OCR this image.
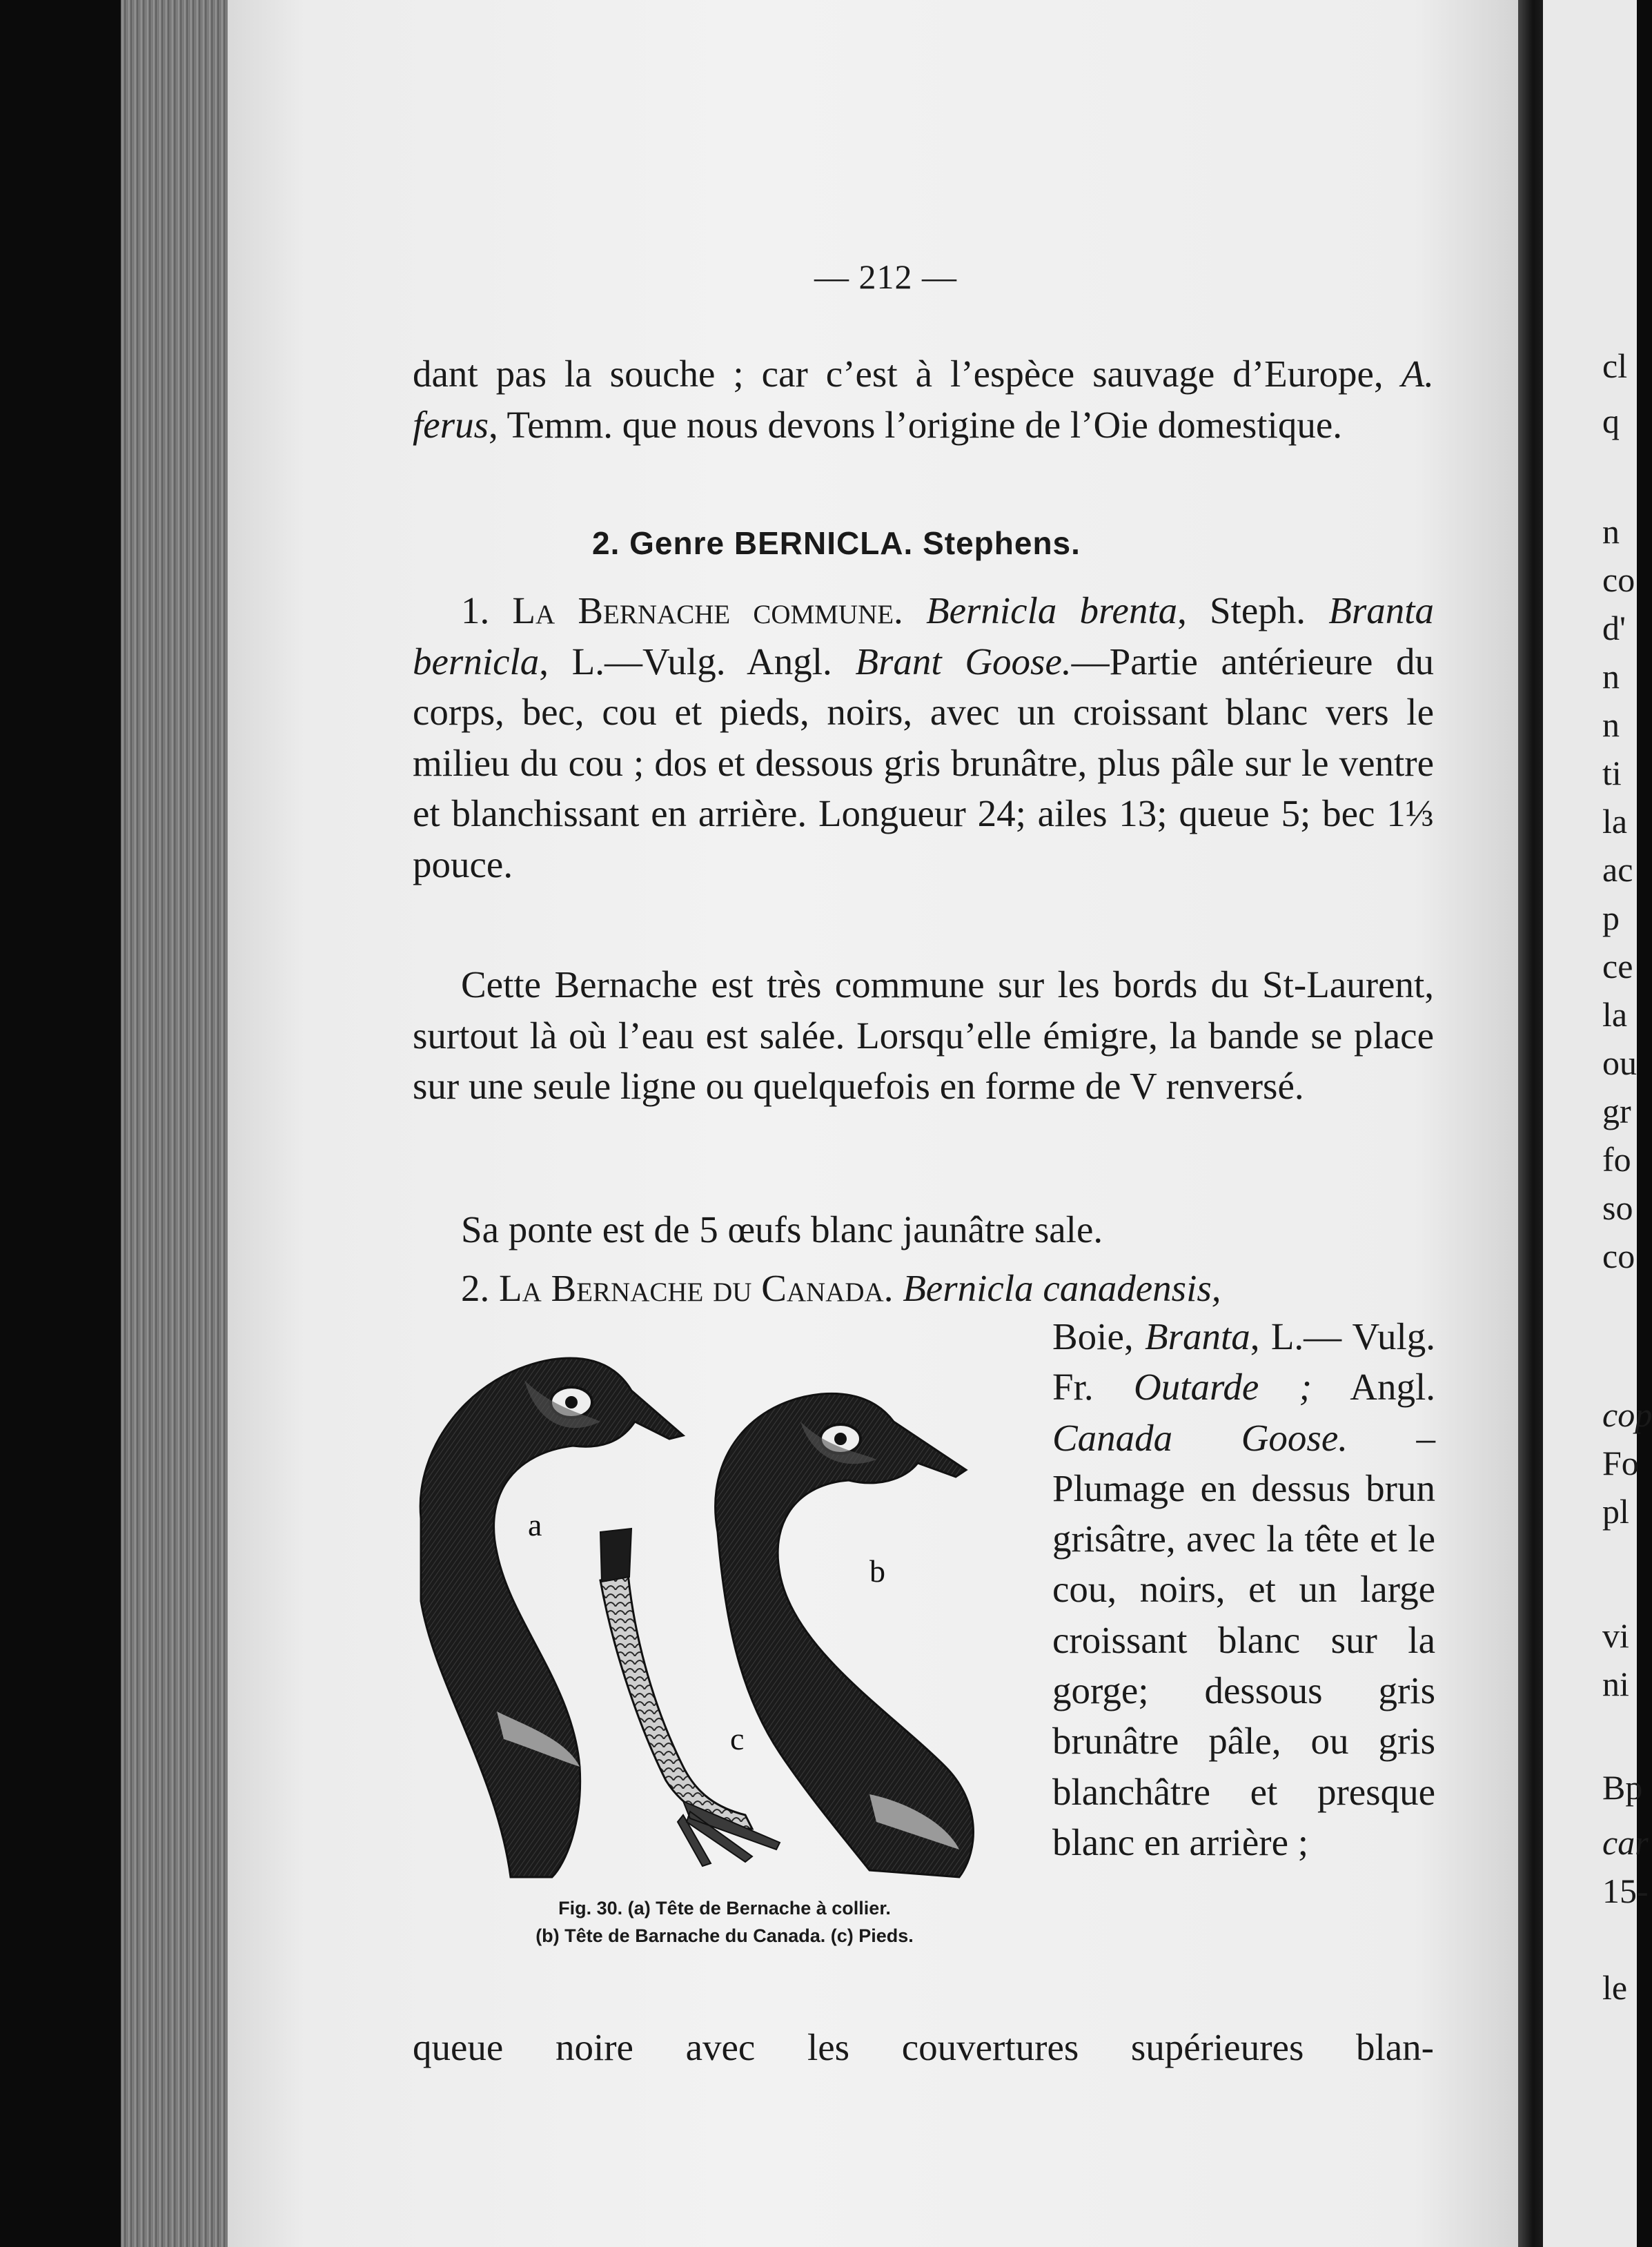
cl
q
n
co
d'
n
n
ti
la
ac
p
ce
la
ou
gr
fo
so
co
cop
Fo
pl
vi
ni
Bp
car
15-
le
— 212 —

dant pas la souche ; car c’est à l’espèce sauvage d’Europe, A. ferus, Temm. que nous devons l’origine de l’Oie domestique.

2. Genre BERNICLA. Stephens.

1. La Bernache commune. Bernicla brenta, Steph. Branta bernicla, L.—Vulg. Angl. Brant Goose.—Partie antérieure du corps, bec, cou et pieds, noirs, avec un croissant blanc vers le milieu du cou ; dos et dessous gris brunâtre, plus pâle sur le ventre et blanchissant en arrière. Longueur 24; ailes 13; queue 5; bec 1⅓ pouce.

Cette Bernache est très commune sur les bords du St-Laurent, surtout là où l’eau est salée. Lorsqu’elle émigre, la bande se place sur une seule ligne ou quelquefois en forme de V renversé.

Sa ponte est de 5 œufs blanc jaunâtre sale.

2. La Bernache du Canada. Bernicla canadensis,
Boie, Branta, L.— Vulg. Fr. Outarde ; Angl. Canada Goose. – Plumage en dessus brun grisâtre, avec la tête et le cou, noirs, et un large croissant blanc sur la gorge; dessous gris brunâtre pâle, ou gris blanchâtre et presque blanc en arrière ;
a
b
c
Fig. 30. (a) Tête de Bernache à collier.
(b) Tête de Barnache du Canada. (c) Pieds.
queue noire avec les couvertures supérieures blan-
